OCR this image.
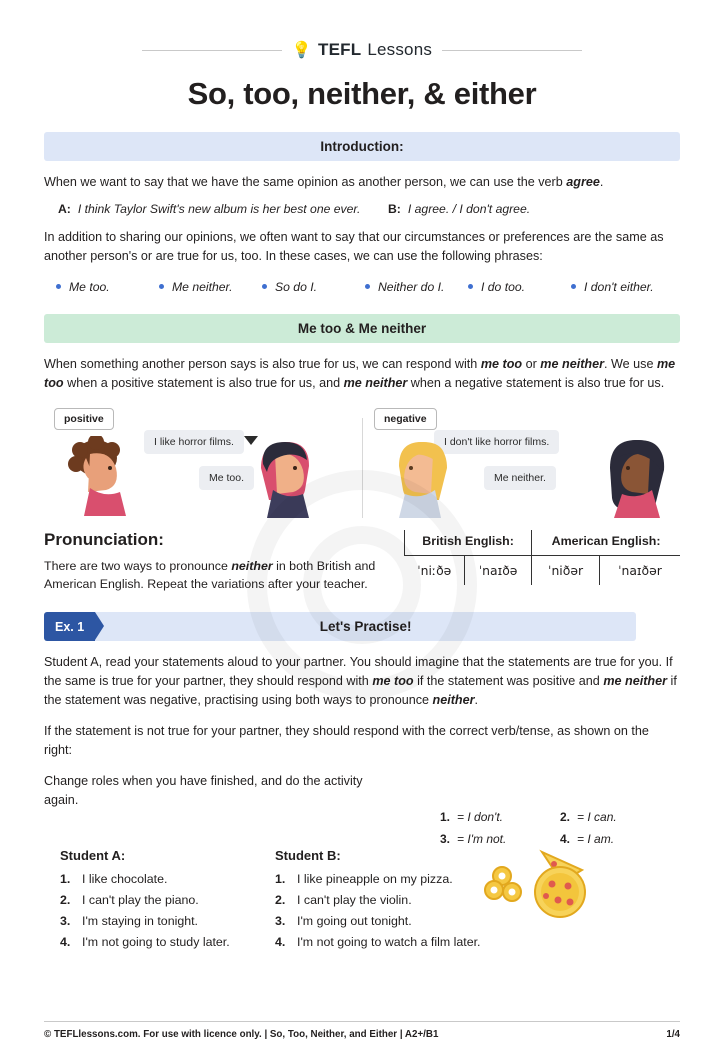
💡 TEFL Lessons
So, too, neither, & either
Introduction:

When we want to say that we have the same opinion as another person, we can use the verb agree.

A: I think Taylor Swift's new album is her best one ever.	B: I agree. / I don't agree.

In addition to sharing our opinions, we often want to say that our circumstances or preferences are the same as another person's or are true for us, too. In these cases, we can use the following phrases:

Me too.	Me neither.	So do I.	Neither do I.	I do too.	I don't either.
Me too & Me neither

When something another person says is also true for us, we can respond with me too or me neither. We use me too when a positive statement is also true for us, and me neither when a negative statement is also true for us.

positive	negative
I like horror films.
Me too.
I don't like horror films.
Me neither.
Pronunciation:

There are two ways to pronounce neither in both British and American English. Repeat the variations after your teacher.

British English:		American English:	
ˈniːðə	ˈnaɪðə	ˈniðər	ˈnaɪðər
Ex. 1	Let's Practise!

Student A, read your statements aloud to your partner. You should imagine that the statements are true for you. If the same is true for your partner, they should respond with me too if the statement was positive and me neither if the statement was negative, practising using both ways to pronounce neither.

If the statement is not true for your partner, they should respond with the correct verb/tense, as shown on the right:

Change roles when you have finished, and do the activity again.

1. = I don't.	2. = I can.
3. = I'm not.	4. = I am.
Student A:
1. I like chocolate.
2. I can't play the piano.
3. I'm staying in tonight.
4. I'm not going to study later.
Student B:
1. I like pineapple on my pizza.
2. I can't play the violin.
3. I'm going out tonight.
4. I'm not going to watch a film later.
© TEFLlessons.com. For use with licence only. | So, Too, Neither, and Either | A2+/B1	1/4
